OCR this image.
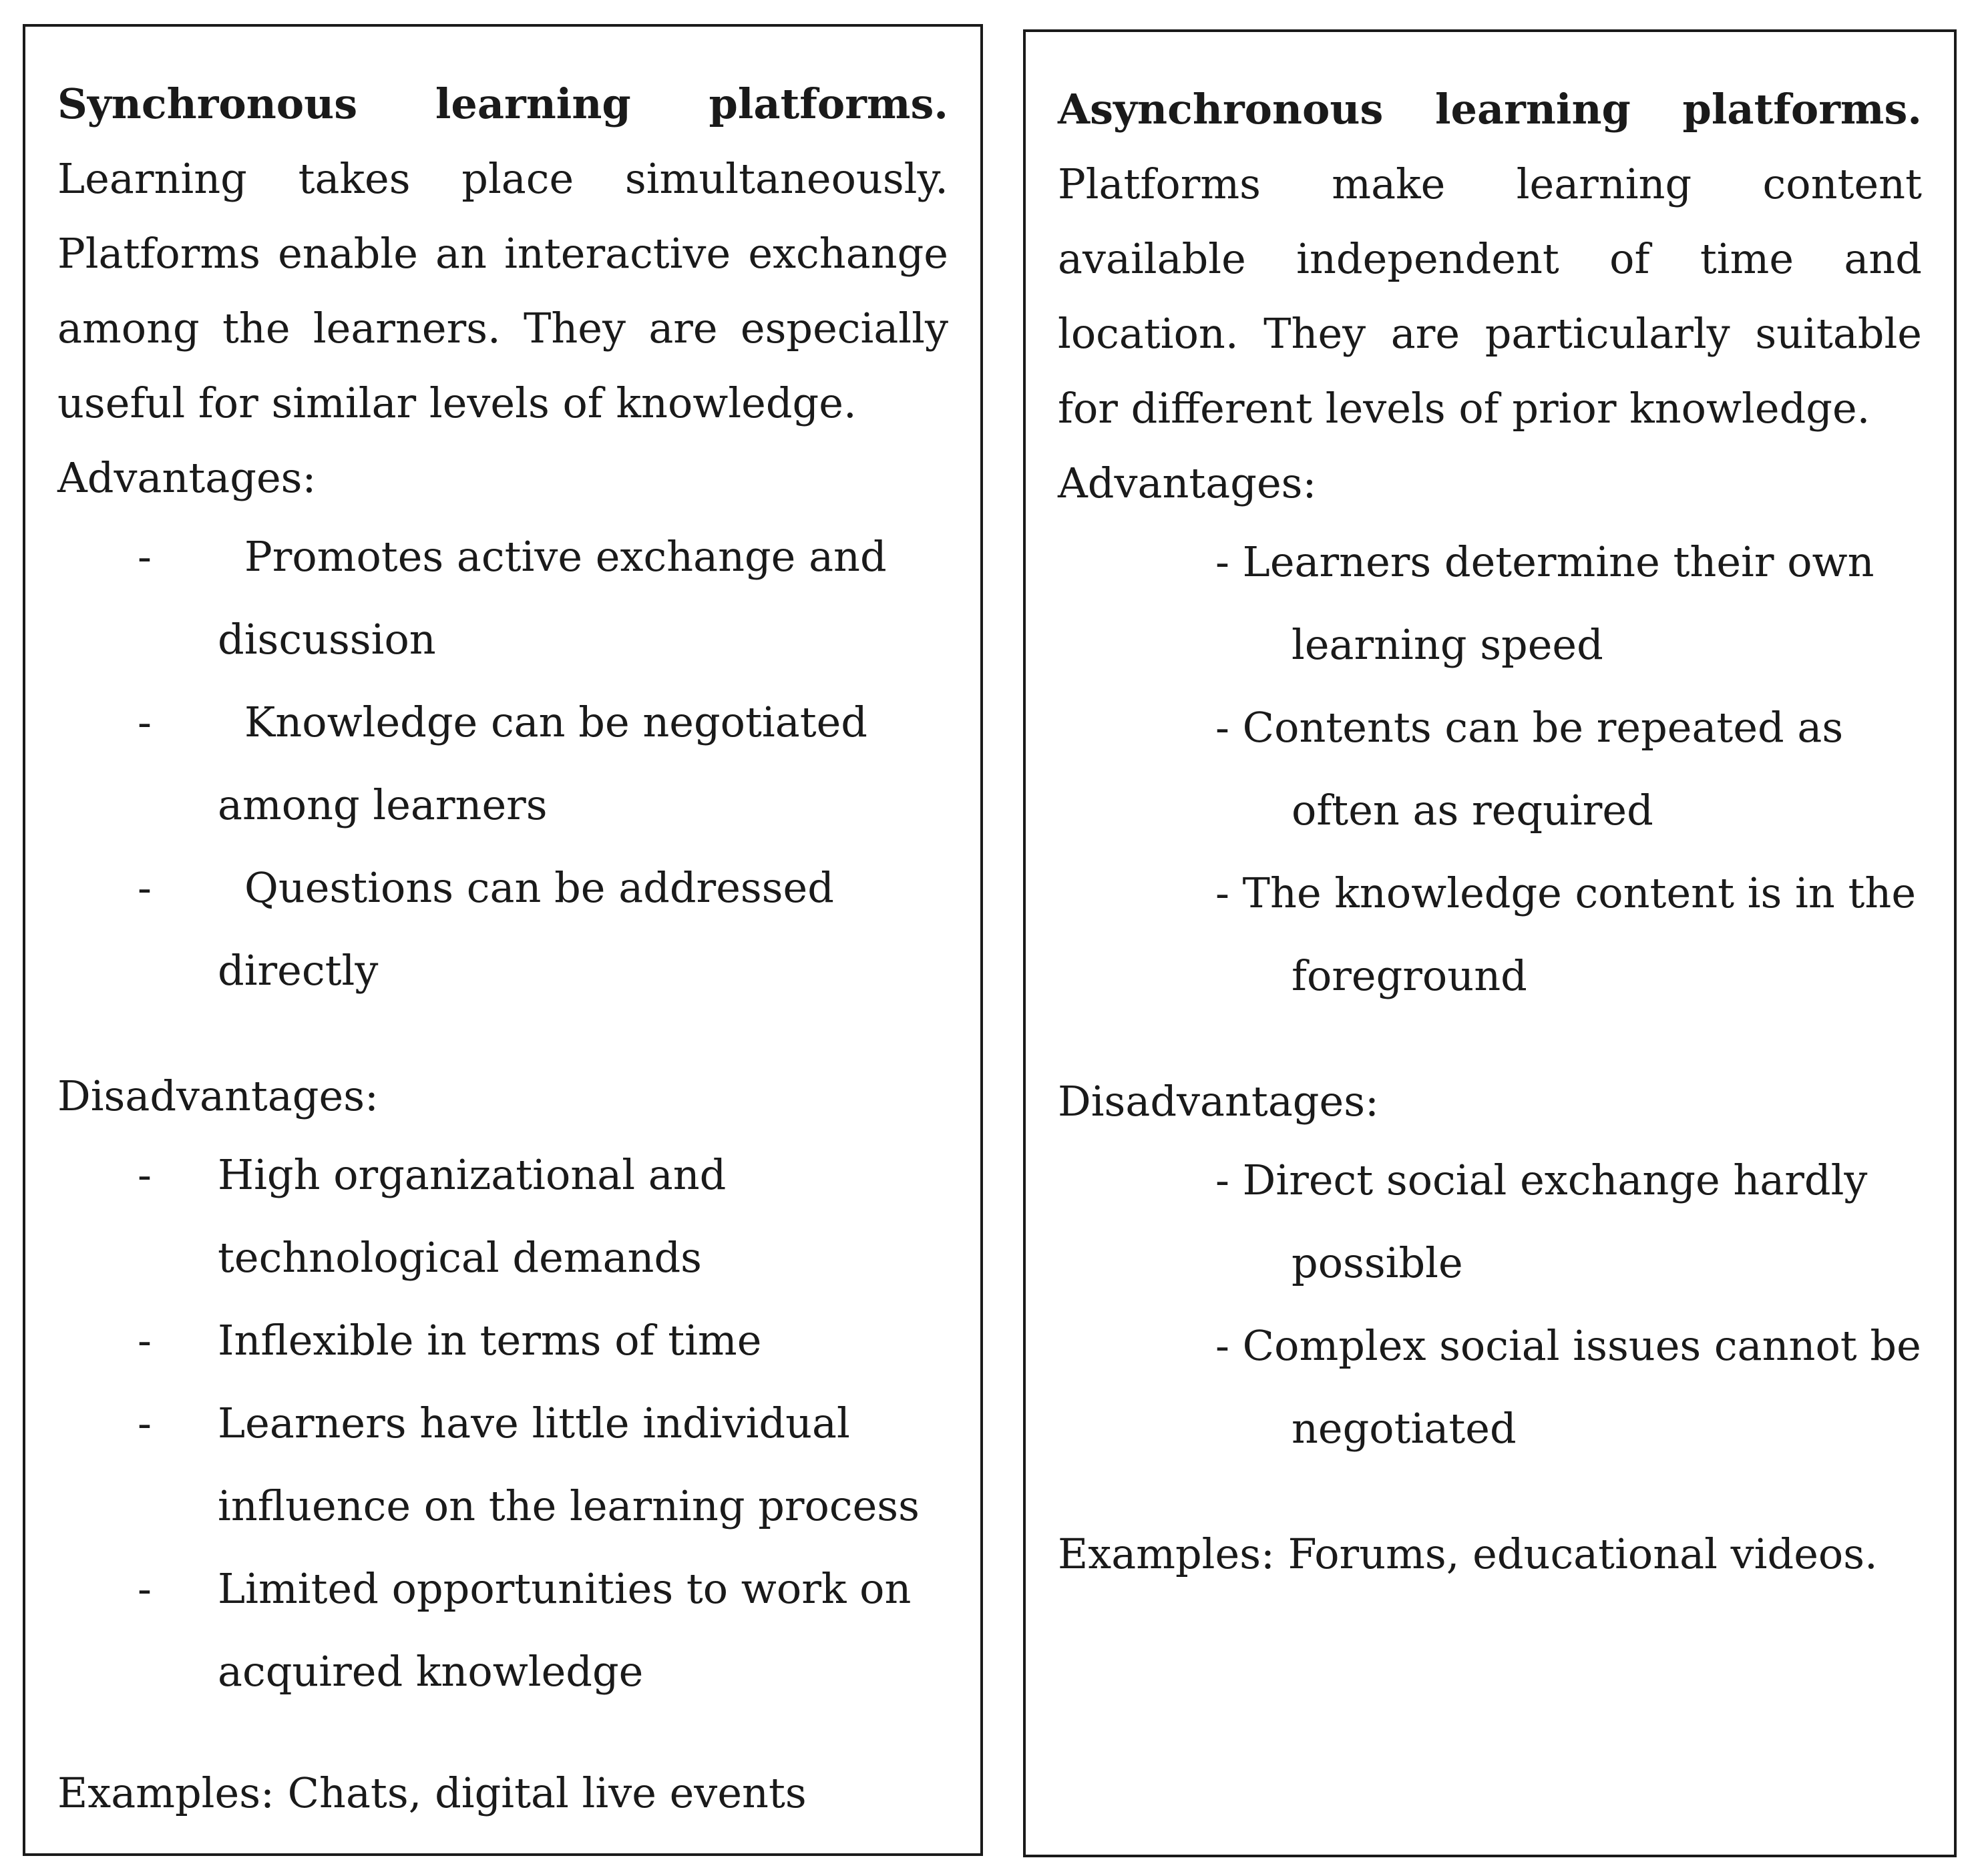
Synchronous learning platforms. Learning takes place simultaneously. Platforms enable an interactive exchange among the learners. They are especially useful for similar levels of knowledge.

Advantages:

-	Promotes active exchange and discussion
-	Knowledge can be negotiated among learners
-	Questions can be addressed directly

Disadvantages:

- High organizational and technological demands
- Inflexible in terms of time
- Learners have little individual influence on the learning process
- Limited opportunities to work on acquired knowledge

Examples: Chats, digital live events

Asynchronous learning platforms. Platforms make learning content available independent of time and location. They are particularly suitable for different levels of prior knowledge.

Advantages:

- Learners determine their own learning speed
- Contents can be repeated as often as required
- The knowledge content is in the foreground

Disadvantages:

- Direct social exchange hardly possible
- Complex social issues cannot be negotiated

Examples: Forums, educational videos.
